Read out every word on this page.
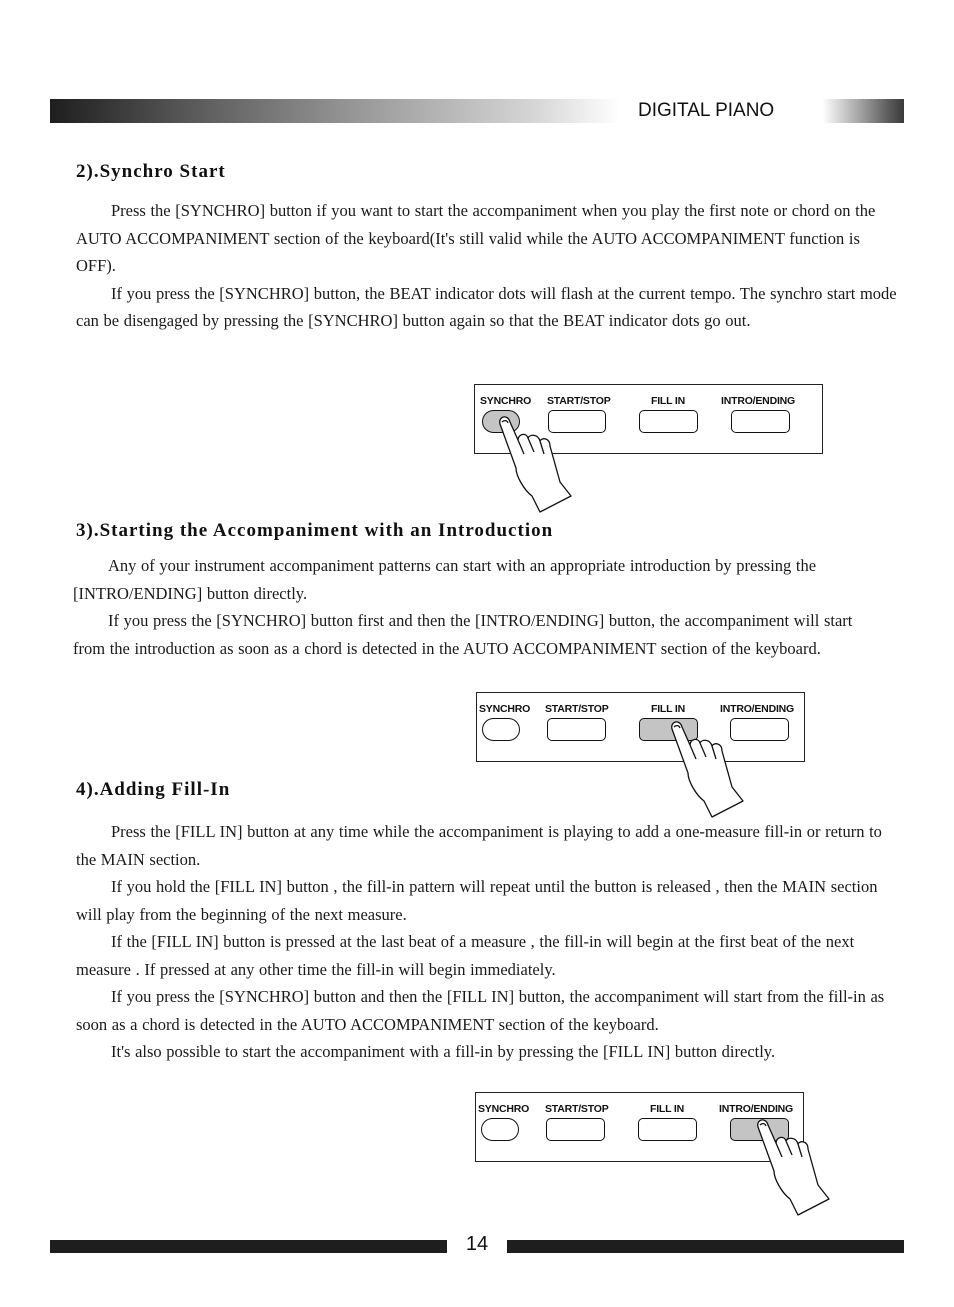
DIGITAL PIANO
2).Synchro Start

Press the [SYNCHRO] button if you want to start the accompaniment when you play the first note or chord on the AUTO ACCOMPANIMENT section of the keyboard(It's still valid while the AUTO ACCOMPANIMENT function is OFF).

If you press the [SYNCHRO] button, the BEAT indicator dots will flash at the current tempo. The synchro start mode can be disengaged by pressing the [SYNCHRO] button again so that the BEAT indicator dots go out.

SYNCHRO START/STOP	FILL IN	INTRO/ENDING
3).Starting the Accompaniment with an Introduction

Any of your instrument accompaniment patterns can start with an appropriate introduction by pressing the [INTRO/ENDING] button directly.

If you press the [SYNCHRO] button first and then the [INTRO/ENDING] button, the accompaniment will start from the introduction as soon as a chord is detected in the AUTO ACCOMPANIMENT section of the keyboard.

SYNCHRO START/STOP	FILL IN	INTRO/ENDING
4).Adding Fill-In

Press the [FILL IN] button at any time while the accompaniment is playing to add a one-measure fill-in or return to the MAIN section.

If you hold the [FILL IN] button , the fill-in pattern will repeat until the button is released , then the MAIN section will play from the beginning of the next measure.

If the [FILL IN] button is pressed at the last beat of a measure , the fill-in will begin at the first beat of the next measure . If pressed at any other time the fill-in will begin immediately.

If you press the [SYNCHRO] button and then the [FILL IN] button, the accompaniment will start from the fill-in as soon as a chord is detected in the AUTO ACCOMPANIMENT section of the keyboard.

It's also possible to start the accompaniment with a fill-in by pressing the [FILL IN] button directly.

SYNCHRO START/STOP	FILL IN	INTRO/ENDING
14
